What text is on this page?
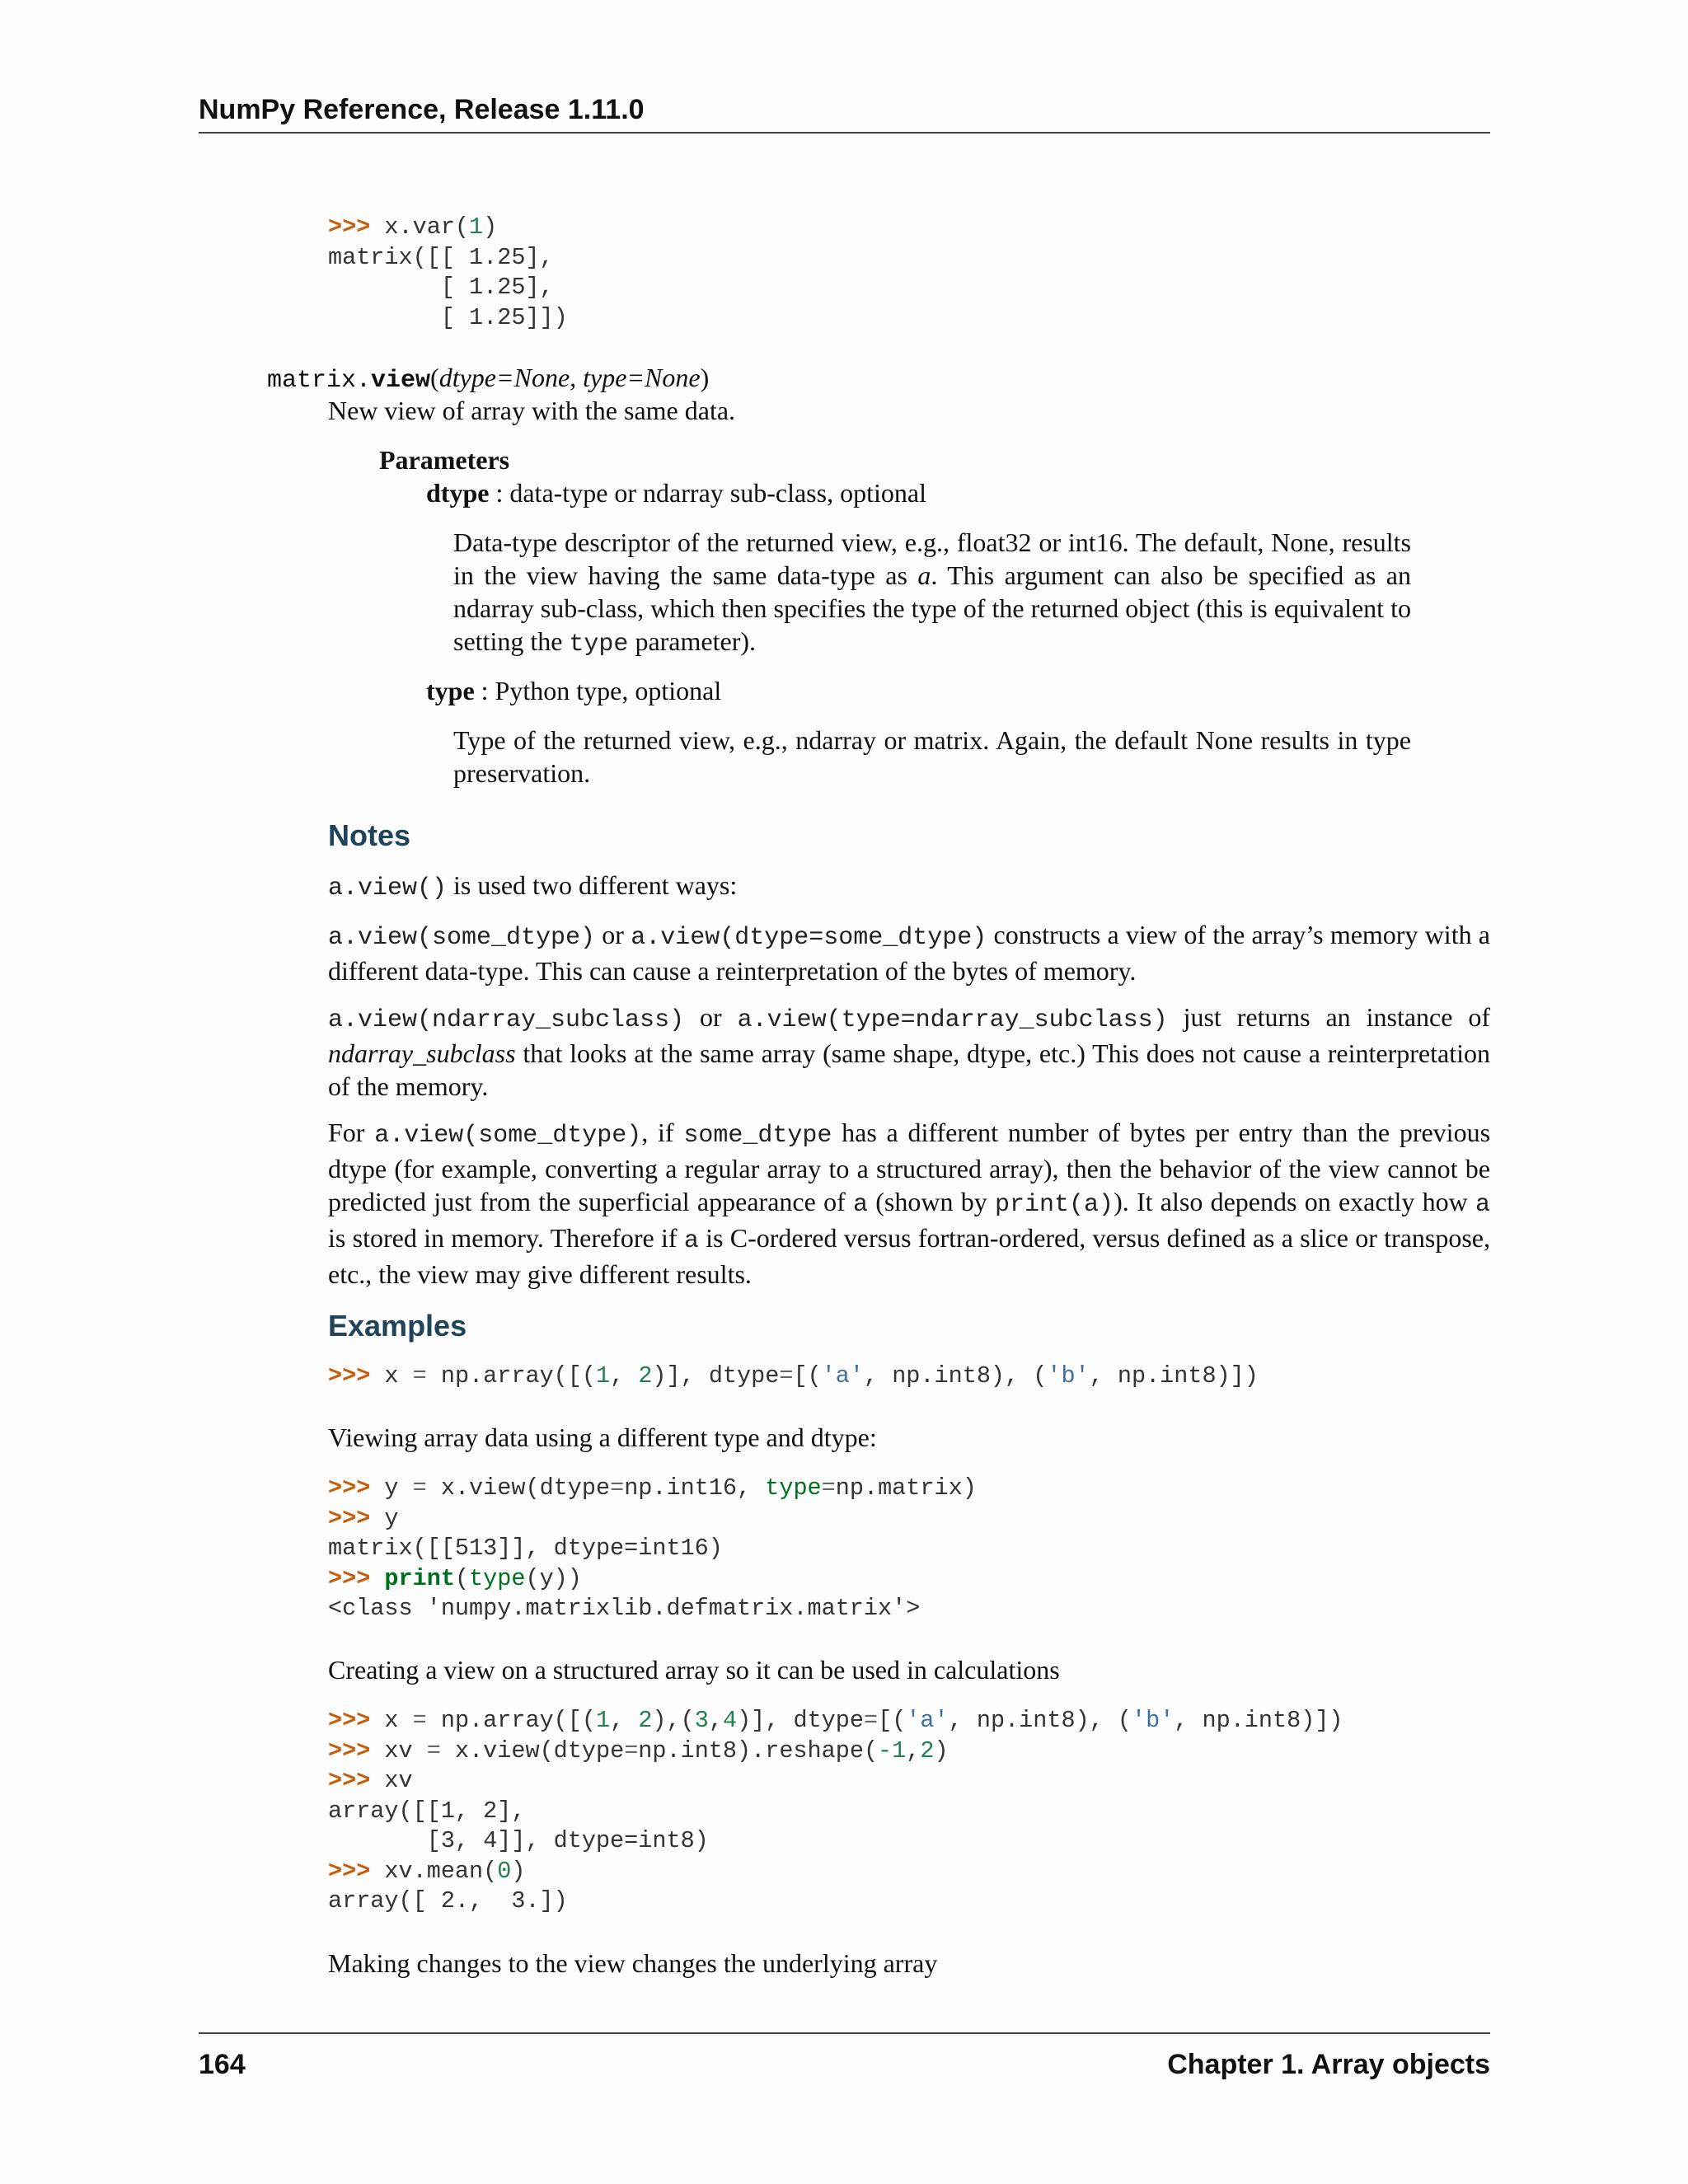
NumPy Reference, Release 1.11.0
>>> x.var(1)
matrix([[ 1.25],
[ 1.25],
[ 1.25]])
matrix.view(dtype=None, type=None)
New view of array with the same data.
Parameters
dtype : data-type or ndarray sub-class, optional
Data-type descriptor of the returned view, e.g., float32 or int16. The default, None, results in the view having the same data-type as a. This argument can also be specified as an ndarray sub-class, which then specifies the type of the returned object (this is equivalent to setting the type parameter).
type : Python type, optional
Type of the returned view, e.g., ndarray or matrix. Again, the default None results in type preservation.
Notes
a.view() is used two different ways:
a.view(some_dtype) or a.view(dtype=some_dtype) constructs a view of the array’s memory with a different data-type. This can cause a reinterpretation of the bytes of memory.
a.view(ndarray_subclass) or a.view(type=ndarray_subclass) just returns an instance of ndarray_subclass that looks at the same array (same shape, dtype, etc.) This does not cause a reinterpretation of the memory.
For a.view(some_dtype), if some_dtype has a different number of bytes per entry than the previous dtype (for example, converting a regular array to a structured array), then the behavior of the view cannot be predicted just from the superficial appearance of a (shown by print(a)). It also depends on exactly how a is stored in memory. Therefore if a is C-ordered versus fortran-ordered, versus defined as a slice or transpose, etc., the view may give different results.
Examples
>>> x = np.array([(1, 2)], dtype=[('a', np.int8), ('b', np.int8)])
Viewing array data using a different type and dtype:
>>> y = x.view(dtype=np.int16, type=np.matrix)
>>> y
matrix([[513]], dtype=int16)
>>> print(type(y))
<class 'numpy.matrixlib.defmatrix.matrix'>
Creating a view on a structured array so it can be used in calculations
>>> x = np.array([(1, 2),(3,4)], dtype=[('a', np.int8), ('b', np.int8)])
>>> xv = x.view(dtype=np.int8).reshape(-1,2)
>>> xv
array([[1, 2],
[3, 4]], dtype=int8)
>>> xv.mean(0)
array([ 2.,  3.])
Making changes to the view changes the underlying array
164	Chapter 1. Array objects
